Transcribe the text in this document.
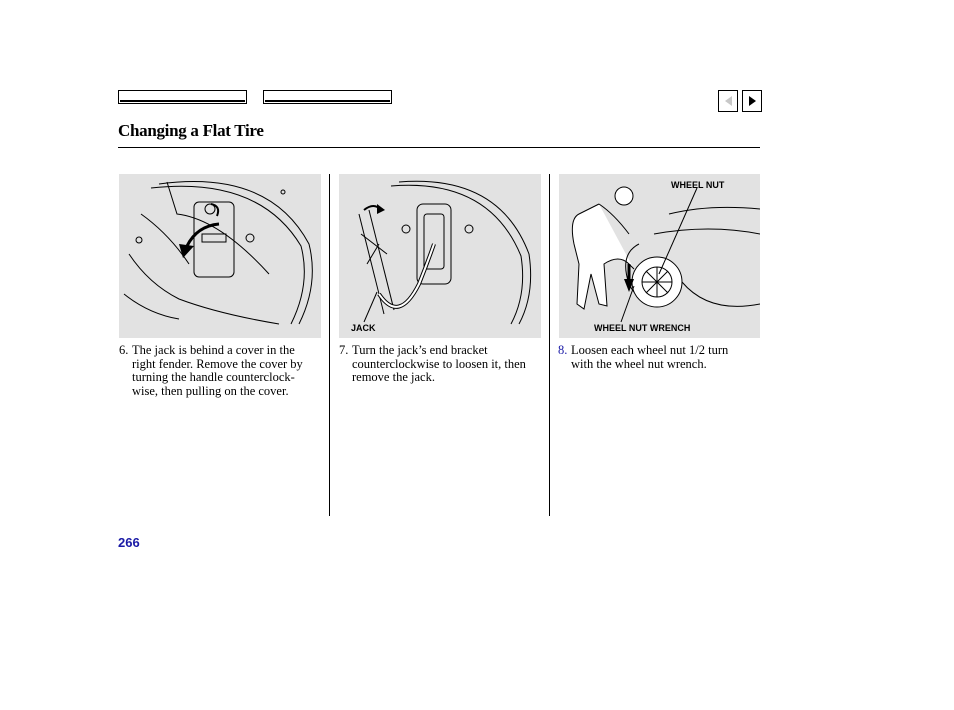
Changing a Flat Tire
JACK
WHEEL NUT
WHEEL NUT WRENCH
6. The jack is behind a cover in the
right fender. Remove the cover by
turning the handle counterclock-
wise, then pulling on the cover.
7. Turn the jack’s end bracket
counterclockwise to loosen it, then
remove the jack.
8. Loosen each wheel nut 1/2 turn
with the wheel nut wrench.
266
